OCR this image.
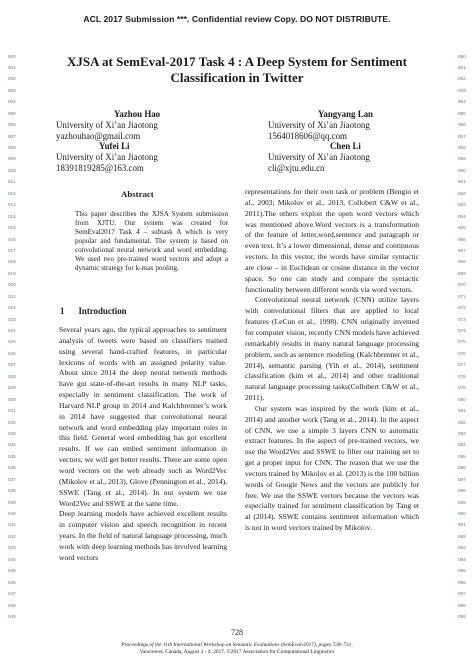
ACL 2017 Submission ***. Confidential review Copy. DO NOT DISTRIBUTE.
000
001
002
003
004
005
006
007
008
009
010
011
012
013
014
015
016
017
018
019
020
021
022
023
024
025
026
027
028
029
030
031
032
033
034
035
036
037
038
039
040
041
042
043
044
045
046
047
048
049
050
051
052
053
054
055
056
057
058
059
060
061
062
063
064
065
066
067
068
069
070
071
072
073
074
075
076
077
078
079
080
081
082
083
084
085
086
087
088
089
090
091
092
093
094
095
096
097
098
099
XJSA at SemEval-2017 Task 4 : A Deep System for Sentiment
Classification in Twitter
Yazhou Hao
University of Xi’an Jiaotong
yazhouhao@gmail.com
Yufei Li
University of Xi’an Jiaotong
18391819285@163.com
Yangyang Lan
University of Xi’an Jiaotong
1564018606@qq.com
Chen Li
University of Xi’an Jiaotong
cli@xjtu.edu.cn
Abstract
This paper describes the XJSA System submission from XJTU. Our system was created for SemEval2017 Task 4 – subtask A which is very popular and fundamental. The system is based on convolutional neural network and word embedding. We used two pre-trained word vectors and adopt a dynamic strategy for k-max pooling.
1 Introduction

Several years ago, the typical approaches to sentiment analysis of tweets were based on classifiers trained using several hand-crafted features, in particular lexicons of words with an assigned polarity value. About since 2014 the deep neural network methods have got state-of-the-art results in many NLP tasks, especially in sentiment classification. The work of Harvard NLP group in 2014 and Kalchbrenner’s work in 2014 have suggested that convolutional neural network and word embedding play important roles in this field. General word embedding has got excellent results. If we can embed sentiment information in vectors, we will get better results. There are some open word vectors on the web already such as Word2Vec (Mikolov et al., 2013), Glove (Pennington et al., 2014), SSWE (Tang et al., 2014). In our system we use Word2Vec and SSWE at the same time.

Deep learning models have achieved excellent results in computer vision and speech recognition in recent years. In the field of natural language processing, much work with deep learning methods has involved learning word vectors

representations for their own task or problem (Bengio et al., 2003; Mikolov et al., 2013, Collobert C&W et al., 2011).The others exploit the open word vectors which was mentioned above.Word vectors is a transformation of the feature of letter,word,sentence and paragraph or even text. It’s a lower dimensional, dense and continuous vectors. In this vector, the words have similar syntactic are close – in Euclidean or cosine distance in the vector space. So one can study and compare the syntactic functionality between different words via word vectors.

Convolutional neural network (CNN) utilize layers with convolutional filters that are applied to local features (LeCun et al., 1998). CNN originally invented for computer vision, recently CNN models have achieved remarkably results in many natural language processing problem, such as sentence modeling (Kalchbrenner et al., 2014), semantic parsing (Yih et al., 2014), sentiment classification (kim et al., 2014) and other traditional natural language processing tasks(Collobert C&W et al., 2011).

Our system was inspired by the work (kim et al., 2014) and another work (Tang et al., 2014). In the aspect of CNN, we use a simple 3 layers CNN to automatic extract features. In the aspect of pre-trained vectors, we use the Word2Vec and SSWE to filter our training set to get a proper input for CNN. The reason that we use the vectors trained by Mikolov et al. (2013) is the 100 billion words of Google News and the vectors are publicly for free. We use the SSWE vectors because the vectors was especially trained for sentiment classification by Tang et al (2014). SSWE contains sentiment information which is not in word vectors trained by Mikolov.

728
Proceedings of the 11th International Workshop on Semantic Evaluations (SemEval-2017), pages 728–731,
Vancouver, Canada, August 3 - 4, 2017. ©2017 Association for Computational Linguistics
